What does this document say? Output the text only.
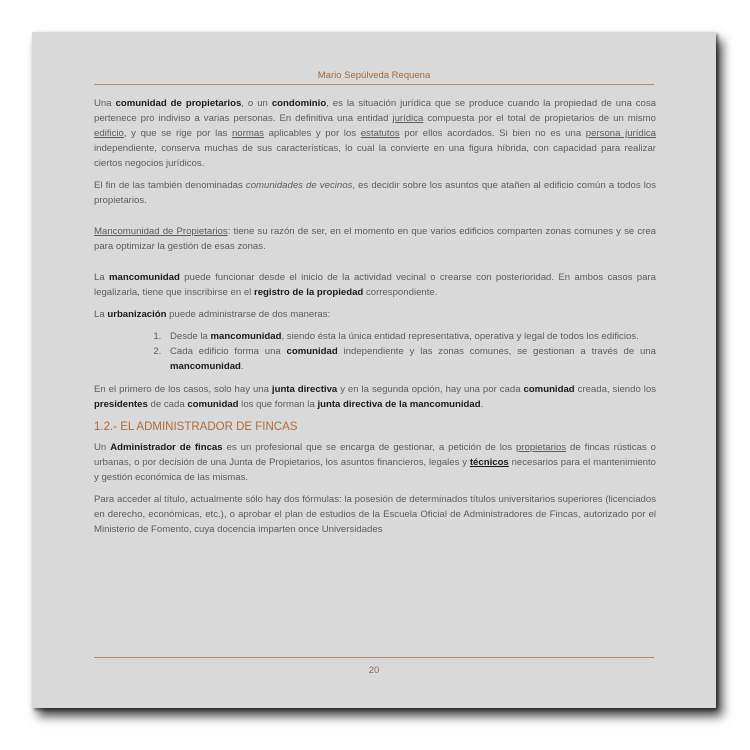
Mario Sepúlveda Requena

Una comunidad de propietarios, o un condominio, es la situación jurídica que se produce cuando la propiedad de una cosa pertenece pro indiviso a varias personas. En definitiva una entidad jurídica compuesta por el total de propietarios de un mismo edificio, y que se rige por las normas aplicables y por los estatutos por ellos acordados. Si bien no es una persona jurídica independiente, conserva muchas de sus características, lo cual la convierte en una figura híbrida, con capacidad para realizar ciertos negocios jurídicos.

El fin de las también denominadas comunidades de vecinos, es decidir sobre los asuntos que atañen al edificio común a todos los propietarios.

Mancomunidad de Propietarios: tiene su razón de ser, en el momento en que varios edificios comparten zonas comunes y se crea para optimizar la gestión de esas zonas.

La mancomunidad puede funcionar desde el inicio de la actividad vecinal o crearse con posterioridad. En ambos casos para legalizarla, tiene que inscribirse en el registro de la propiedad correspondiente.

La urbanización puede administrarse de dos maneras:

1. Desde la mancomunidad, siendo ésta la única entidad representativa, operativa y legal de todos los edificios.
2. Cada edificio forma una comunidad independiente y las zonas comunes, se gestionan a través de una mancomunidad.

En el primero de los casos, solo hay una junta directiva y en la segunda opción, hay una por cada comunidad creada, siendo los presidentes de cada comunidad los que forman la junta directiva de la mancomunidad.

1.2.- EL ADMINISTRADOR DE FINCAS

Un Administrador de fincas es un profesional que se encarga de gestionar, a petición de los propietarios de fincas rústicas o urbanas, o por decisión de una Junta de Propietarios, los asuntos financieros, legales y técnicos necesarios para el mantenimiento y gestión económica de las mismas.

Para acceder al título, actualmente sólo hay dos fórmulas: la posesión de determinados títulos universitarios superiores (licenciados en derecho, económicas, etc.), o aprobar el plan de estudios de la Escuela Oficial de Administradores de Fincas, autorizado por el Ministerio de Fomento, cuya docencia imparten once Universidades

20
